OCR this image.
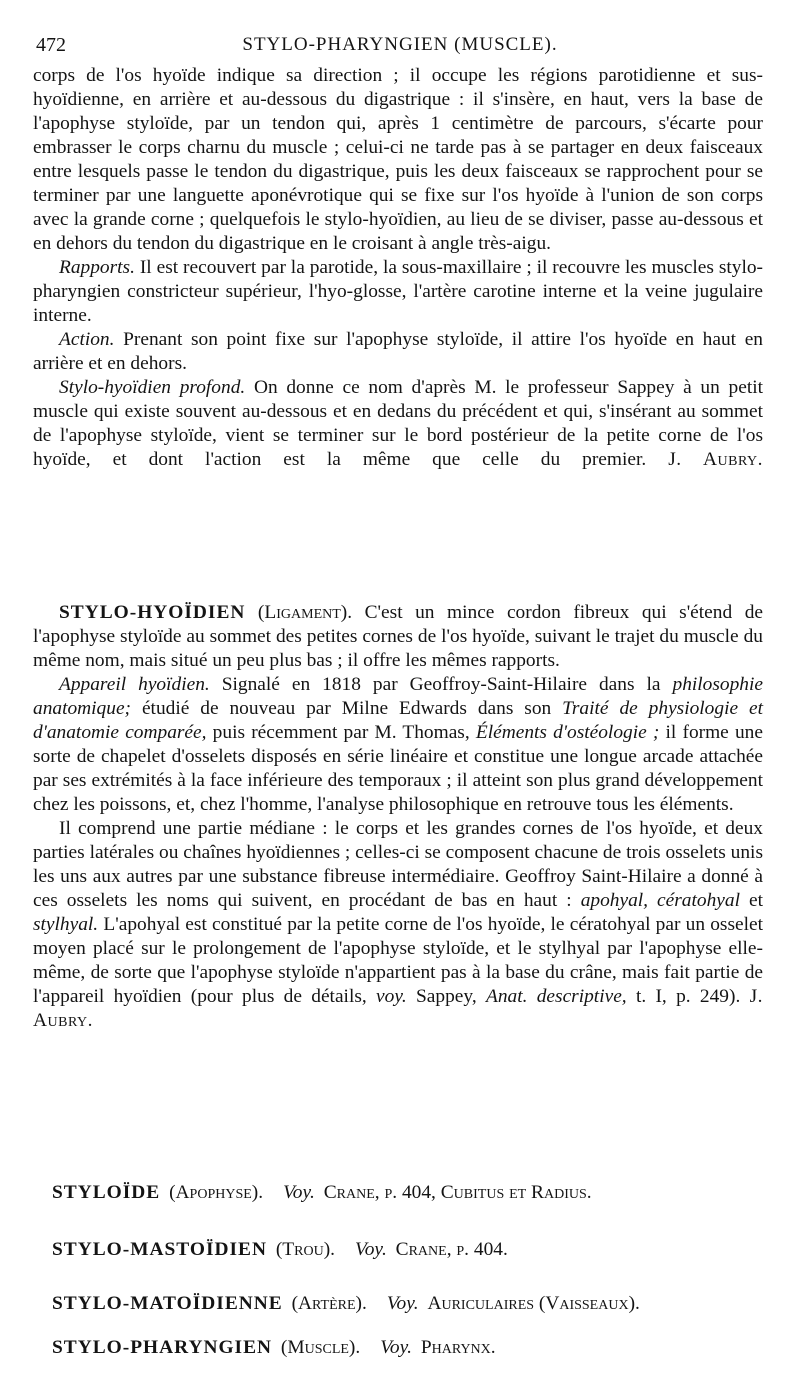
472	STYLO-PHARYNGIEN (MUSCLE).

corps de l'os hyoïde indique sa direction ; il occupe les régions parotidienne et sus-hyoïdienne, en arrière et au-dessous du digastrique : il s'insère, en haut, vers la base de l'apophyse styloïde, par un tendon qui, après 1 centimètre de parcours, s'écarte pour embrasser le corps charnu du muscle ; celui-ci ne tarde pas à se partager en deux faisceaux entre lesquels passe le tendon du digastrique, puis les deux faisceaux se rapprochent pour se terminer par une languette aponévrotique qui se fixe sur l'os hyoïde à l'union de son corps avec la grande corne ; quelquefois le stylo-hyoïdien, au lieu de se diviser, passe au-dessous et en dehors du tendon du digastrique en le croisant à angle très-aigu.

Rapports. Il est recouvert par la parotide, la sous-maxillaire ; il recouvre les muscles stylo-pharyngien constricteur supérieur, l'hyo-glosse, l'artère carotine interne et la veine jugulaire interne.

Action. Prenant son point fixe sur l'apophyse styloïde, il attire l'os hyoïde en haut en arrière et en dehors.

Stylo-hyoïdien profond. On donne ce nom d'après M. le professeur Sappey à un petit muscle qui existe souvent au-dessous et en dedans du précédent et qui, s'insérant au sommet de l'apophyse styloïde, vient se terminer sur le bord postérieur de la petite corne de l'os hyoïde, et dont l'action est la même que celle du premier. J. Aubry.

STYLO-HYOÏDIEN (Ligament). C'est un mince cordon fibreux qui s'étend de l'apophyse styloïde au sommet des petites cornes de l'os hyoïde, suivant le trajet du muscle du même nom, mais situé un peu plus bas ; il offre les mêmes rapports.

Appareil hyoïdien. Signalé en 1818 par Geoffroy-Saint-Hilaire dans la philosophie anatomique; étudié de nouveau par Milne Edwards dans son Traité de physiologie et d'anatomie comparée, puis récemment par M. Thomas, Éléments d'ostéologie ; il forme une sorte de chapelet d'osselets disposés en série linéaire et constitue une longue arcade attachée par ses extrémités à la face inférieure des temporaux ; il atteint son plus grand développement chez les poissons, et, chez l'homme, l'analyse philosophique en retrouve tous les éléments.

Il comprend une partie médiane : le corps et les grandes cornes de l'os hyoïde, et deux parties latérales ou chaînes hyoïdiennes ; celles-ci se composent chacune de trois osselets unis les uns aux autres par une substance fibreuse intermédiaire. Geoffroy Saint-Hilaire a donné à ces osselets les noms qui suivent, en procédant de bas en haut : apohyal, cératohyal et stylhyal. L'apohyal est constitué par la petite corne de l'os hyoïde, le cératohyal par un osselet moyen placé sur le prolongement de l'apophyse styloïde, et le stylhyal par l'apophyse elle-même, de sorte que l'apophyse styloïde n'appartient pas à la base du crâne, mais fait partie de l'appareil hyoïdien (pour plus de détails, voy. Sappey, Anat. descriptive, t. I, p. 249). J. Aubry.

STYLOÏDE (Apophyse). Voy. Crane, p. 404, Cubitus et Radius.
STYLO-MASTOÏDIEN (Trou). Voy. Crane, p. 404.
STYLO-MATOÏDIENNE (Artère). Voy. Auriculaires (Vaisseaux).
STYLO-PHARYNGIEN (Muscle). Voy. Pharynx.
